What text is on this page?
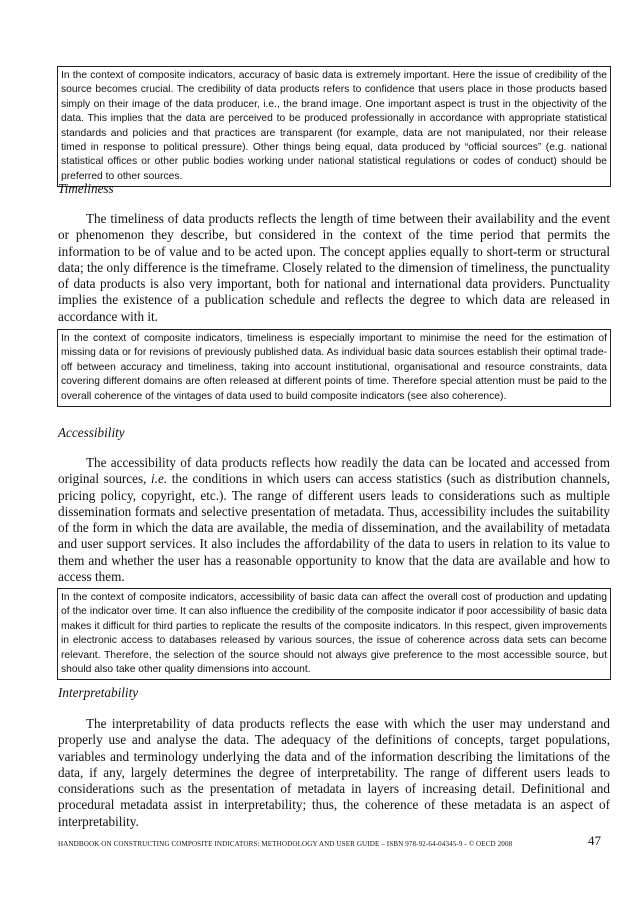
In the context of composite indicators, accuracy of basic data is extremely important. Here the issue of credibility of the source becomes crucial. The credibility of data products refers to confidence that users place in those products based simply on their image of the data producer, i.e., the brand image. One important aspect is trust in the objectivity of the data. This implies that the data are perceived to be produced professionally in accordance with appropriate statistical standards and policies and that practices are transparent (for example, data are not manipulated, nor their release timed in response to political pressure). Other things being equal, data produced by “official sources” (e.g. national statistical offices or other public bodies working under national statistical regulations or codes of conduct) should be preferred to other sources.
Timeliness

The timeliness of data products reflects the length of time between their availability and the event or phenomenon they describe, but considered in the context of the time period that permits the information to be of value and to be acted upon. The concept applies equally to short-term or structural data; the only difference is the timeframe. Closely related to the dimension of timeliness, the punctuality of data products is also very important, both for national and international data providers. Punctuality implies the existence of a publication schedule and reflects the degree to which data are released in accordance with it.

In the context of composite indicators, timeliness is especially important to minimise the need for the estimation of missing data or for revisions of previously published data. As individual basic data sources establish their optimal trade-off between accuracy and timeliness, taking into account institutional, organisational and resource constraints, data covering different domains are often released at different points of time. Therefore special attention must be paid to the overall coherence of the vintages of data used to build composite indicators (see also coherence).
Accessibility

The accessibility of data products reflects how readily the data can be located and accessed from original sources, i.e. the conditions in which users can access statistics (such as distribution channels, pricing policy, copyright, etc.). The range of different users leads to considerations such as multiple dissemination formats and selective presentation of metadata. Thus, accessibility includes the suitability of the form in which the data are available, the media of dissemination, and the availability of metadata and user support services. It also includes the affordability of the data to users in relation to its value to them and whether the user has a reasonable opportunity to know that the data are available and how to access them.

In the context of composite indicators, accessibility of basic data can affect the overall cost of production and updating of the indicator over time. It can also influence the credibility of the composite indicator if poor accessibility of basic data makes it difficult for third parties to replicate the results of the composite indicators. In this respect, given improvements in electronic access to databases released by various sources, the issue of coherence across data sets can become relevant. Therefore, the selection of the source should not always give preference to the most accessible source, but should also take other quality dimensions into account.
Interpretability

The interpretability of data products reflects the ease with which the user may understand and properly use and analyse the data. The adequacy of the definitions of concepts, target populations, variables and terminology underlying the data and of the information describing the limitations of the data, if any, largely determines the degree of interpretability. The range of different users leads to considerations such as the presentation of metadata in layers of increasing detail. Definitional and procedural metadata assist in interpretability; thus, the coherence of these metadata is an aspect of interpretability.

HANDBOOK ON CONSTRUCTING COMPOSITE INDICATORS: METHODOLOGY AND USER GUIDE – ISBN 978-92-64-04345-9 - © OECD 2008	47
